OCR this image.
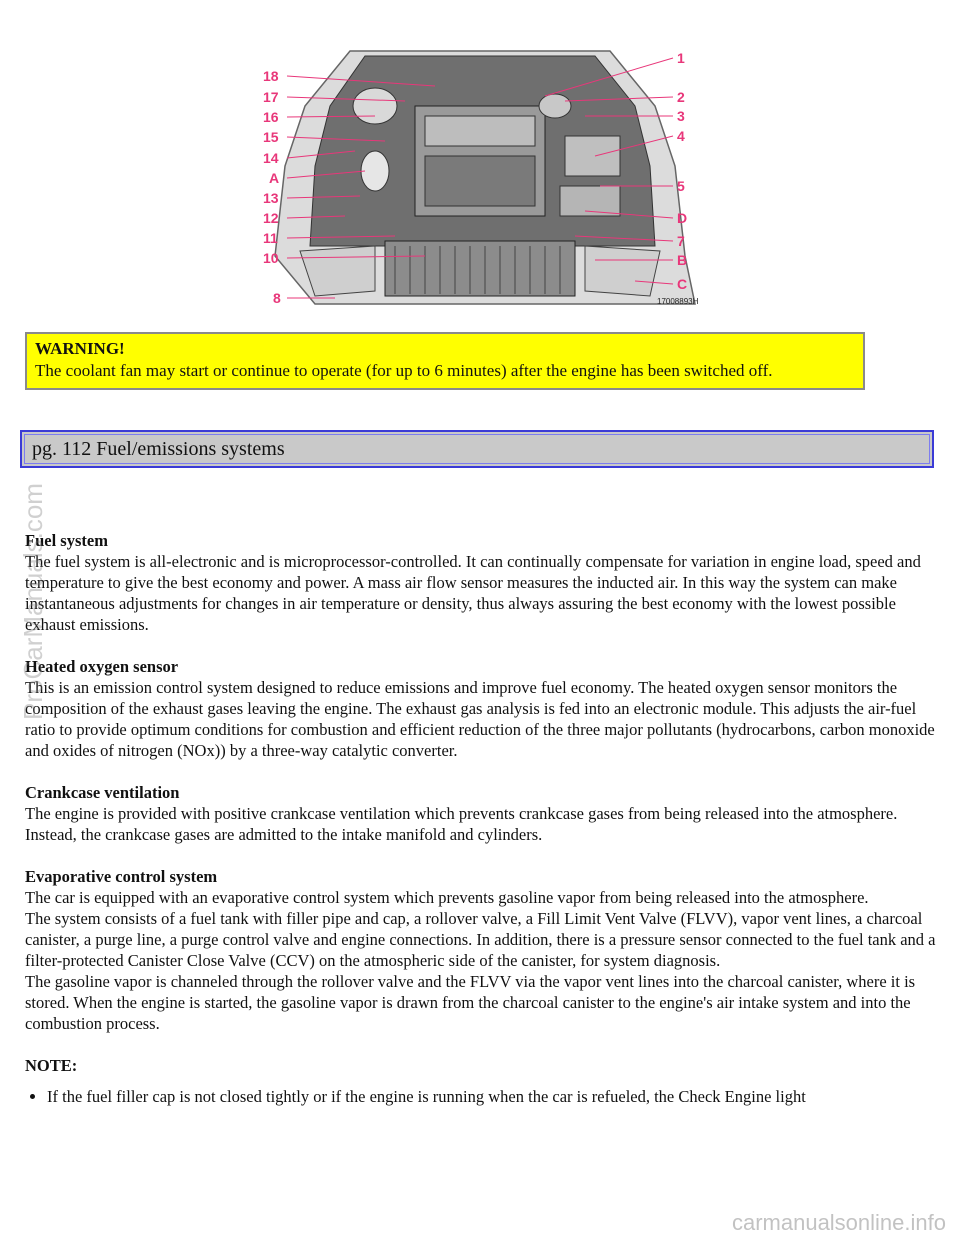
18
17
16
15
14
A
13
12
11
10
8
1
2
3
4
5
D
7
B
C
17008893H
WARNING!
The coolant fan may start or continue to operate (for up to 6 minutes) after the engine has been switched off.
pg. 112 Fuel/emissions systems
Fuel system

The fuel system is all-electronic and is microprocessor-controlled. It can continually compensate for variation in engine load, speed and temperature to give the best economy and power. A mass air flow sensor measures the inducted air. In this way the system can make instantaneous adjustments for changes in air temperature or density, thus always assuring the best economy with the lowest possible exhaust emissions.

Heated oxygen sensor

This is an emission control system designed to reduce emissions and improve fuel economy. The heated oxygen sensor monitors the composition of the exhaust gases leaving the engine. The exhaust gas analysis is fed into an electronic module. This adjusts the air-fuel ratio to provide optimum conditions for combustion and efficient reduction of the three major pollutants (hydrocarbons, carbon monoxide and oxides of nitrogen (NOx)) by a three-way catalytic converter.

Crankcase ventilation

The engine is provided with positive crankcase ventilation which prevents crankcase gases from being released into the atmosphere. Instead, the crankcase gases are admitted to the intake manifold and cylinders.

Evaporative control system

The car is equipped with an evaporative control system which prevents gasoline vapor from being released into the atmosphere.

The system consists of a fuel tank with filler pipe and cap, a rollover valve, a Fill Limit Vent Valve (FLVV), vapor vent lines, a charcoal canister, a purge line, a purge control valve and engine connections. In addition, there is a pressure sensor connected to the fuel tank and a filter-protected Canister Close Valve (CCV) on the atmospheric side of the canister, for system diagnosis.

The gasoline vapor is channeled through the rollover valve and the FLVV via the vapor vent lines into the charcoal canister, where it is stored. When the engine is started, the gasoline vapor is drawn from the charcoal canister to the engine's air intake system and into the combustion process.

NOTE:
• If the fuel filler cap is not closed tightly or if the engine is running when the car is refueled, the Check Engine light
ProCarManuals.com
carmanualsonline.info
